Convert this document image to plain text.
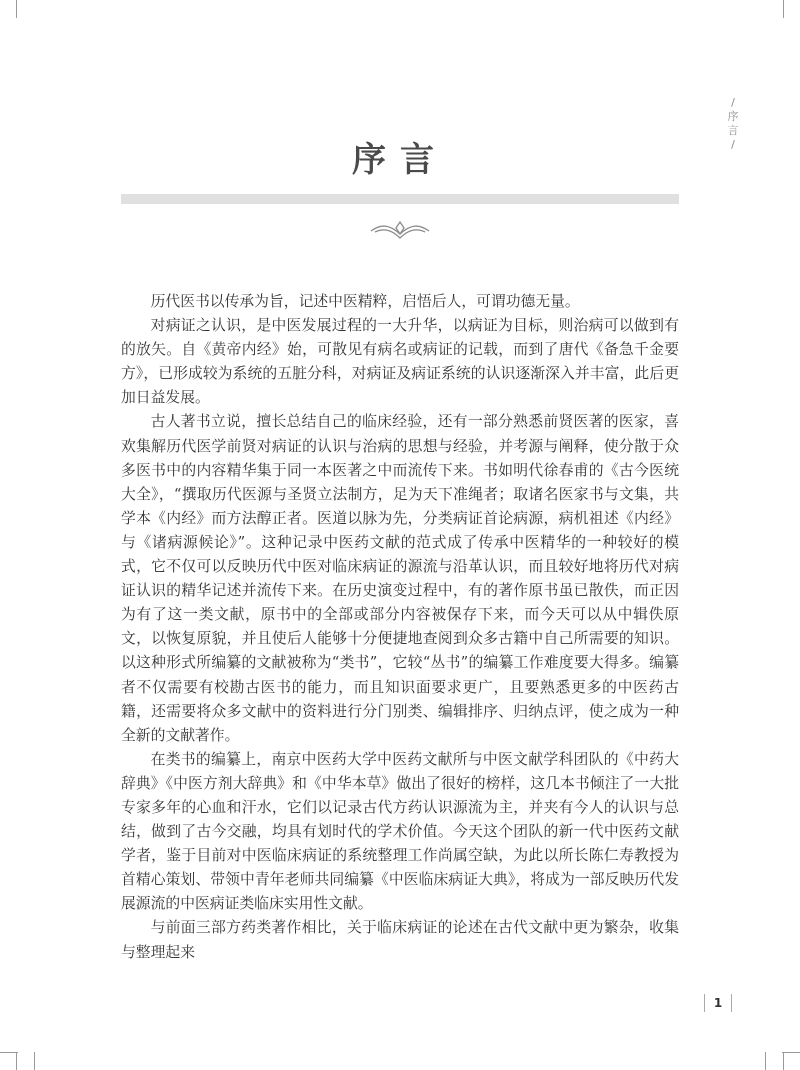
/
序
言
/
序言

历代医书以传承为旨，记述中医精粹，启悟后人，可谓功德无量。

对病证之认识，是中医发展过程的一大升华，以病证为目标，则治病可以做到有的放矢。自《黄帝内经》始，可散见有病名或病证的记载，而到了唐代《备急千金要方》，已形成较为系统的五脏分科，对病证及病证系统的认识逐渐深入并丰富，此后更加日益发展。

古人著书立说，擅长总结自己的临床经验，还有一部分熟悉前贤医著的医家，喜欢集解历代医学前贤对病证的认识与治病的思想与经验，并考源与阐释，使分散于众多医书中的内容精华集于同一本医著之中而流传下来。书如明代徐春甫的《古今医统大全》，“撰取历代医源与圣贤立法制方，足为天下准绳者；取诸名医家书与文集，共学本《内经》而方法醇正者。医道以脉为先，分类病证首论病源，病机祖述《内经》与《诸病源候论》”。这种记录中医药文献的范式成了传承中医精华的一种较好的模式，它不仅可以反映历代中医对临床病证的源流与沿革认识，而且较好地将历代对病证认识的精华记述并流传下来。在历史演变过程中，有的著作原书虽已散佚，而正因为有了这一类文献，原书中的全部或部分内容被保存下来，而今天可以从中辑佚原文，以恢复原貌，并且使后人能够十分便捷地查阅到众多古籍中自己所需要的知识。以这种形式所编纂的文献被称为“类书”，它较“丛书”的编纂工作难度要大得多。编纂者不仅需要有校勘古医书的能力，而且知识面要求更广，且要熟悉更多的中医药古籍，还需要将众多文献中的资料进行分门别类、编辑排序、归纳点评，使之成为一种全新的文献著作。

在类书的编纂上，南京中医药大学中医药文献所与中医文献学科团队的《中药大辞典》《中医方剂大辞典》和《中华本草》做出了很好的榜样，这几本书倾注了一大批专家多年的心血和汗水，它们以记录古代方药认识源流为主，并夹有今人的认识与总结，做到了古今交融，均具有划时代的学术价值。今天这个团队的新一代中医药文献学者，鉴于目前对中医临床病证的系统整理工作尚属空缺，为此以所长陈仁寿教授为首精心策划、带领中青年老师共同编纂《中医临床病证大典》，将成为一部反映历代发展源流的中医病证类临床实用性文献。

与前面三部方药类著作相比，关于临床病证的论述在古代文献中更为繁杂，收集与整理起来

1
